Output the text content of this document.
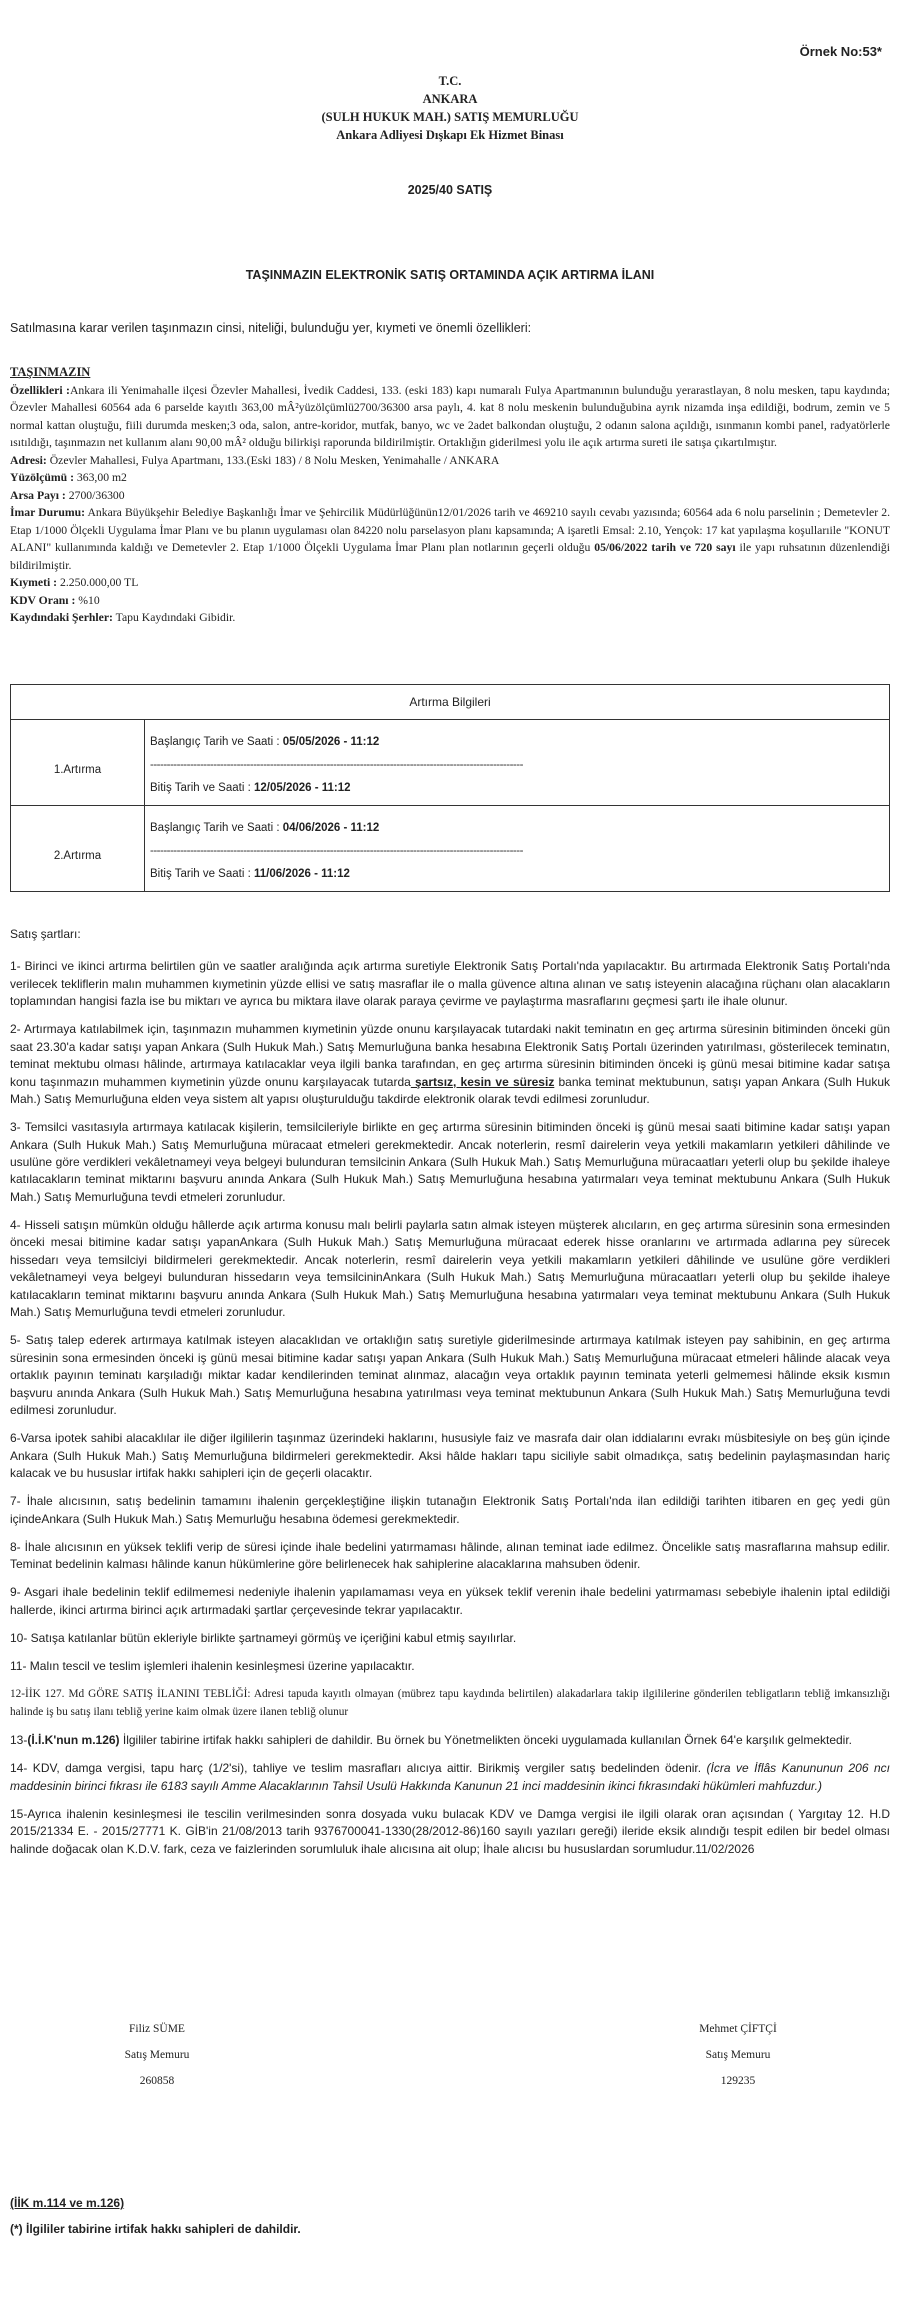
Örnek No:53*
T.C.
ANKARA
(SULH HUKUK MAH.) SATIŞ MEMURLUĞU
Ankara Adliyesi Dışkapı Ek Hizmet Binası
2025/40 SATIŞ
TAŞINMAZIN ELEKTRONİK SATIŞ ORTAMINDA AÇIK ARTIRMA İLANI
Satılmasına karar verilen taşınmazın cinsi, niteliği, bulunduğu yer, kıymeti ve önemli özellikleri:
TAŞINMAZIN
Özellikleri :Ankara ili Yenimahalle ilçesi Özevler Mahallesi, İvedik Caddesi, 133. (eski 183) kapı numaralı Fulya Apartmanının bulunduğu yerarastlayan, 8 nolu mesken, tapu kaydında; Özevler Mahallesi 60564 ada 6 parselde kayıtlı 363,00 mÂ²yüzölçümlü2700/36300 arsa paylı, 4. kat 8 nolu meskenin bulunduğubina ayrık nizamda inşa edildiği, bodrum, zemin ve 5 normal kattan oluştuğu, fiili durumda mesken;3 oda, salon, antre-koridor, mutfak, banyo, wc ve 2adet balkondan oluştuğu, 2 odanın salona açıldığı, ısınmanın kombi panel, radyatörlerle ısıtıldığı, taşınmazın net kullanım alanı 90,00 mÂ² olduğu bilirkişi raporunda bildirilmiştir. Ortaklığın giderilmesi yolu ile açık artırma sureti ile satışa çıkartılmıştır.
Adresi: Özevler Mahallesi, Fulya Apartmanı, 133.(Eski 183) / 8 Nolu Mesken, Yenimahalle / ANKARA
Yüzölçümü : 363,00 m2
Arsa Payı : 2700/36300
İmar Durumu: Ankara Büyükşehir Belediye Başkanlığı İmar ve Şehircilik Müdürlüğünün12/01/2026 tarih ve 469210 sayılı cevabı yazısında; 60564 ada 6 nolu parselinin ; Demetevler 2. Etap 1/1000 Ölçekli Uygulama İmar Planı ve bu planın uygulaması olan 84220 nolu parselasyon planı kapsamında; A işaretli Emsal: 2.10, Yençok: 17 kat yapılaşma koşullarıile "KONUT ALANI" kullanımında kaldığı ve Demetevler 2. Etap 1/1000 Ölçekli Uygulama İmar Planı plan notlarının geçerli olduğu 05/06/2022 tarih ve 720 sayı ile yapı ruhsatının düzenlendiği bildirilmiştir.
Kıymeti : 2.250.000,00 TL
KDV Oranı : %10
Kaydındaki Şerhler: Tapu Kaydındaki Gibidir.
Artırma Bilgileri	
1.Artırma	Başlangıç Tarih ve Saati : 05/05/2026 - 11:12
----------------------------------------------------------------------------------------------------------------
Bitiş Tarih ve Saati : 12/05/2026 - 11:12

2.Artırma	Başlangıç Tarih ve Saati : 04/06/2026 - 11:12
----------------------------------------------------------------------------------------------------------------
Bitiş Tarih ve Saati : 11/06/2026 - 11:12

Satış şartları:

1- Birinci ve ikinci artırma belirtilen gün ve saatler aralığında açık artırma suretiyle Elektronik Satış Portalı'nda yapılacaktır. Bu artırmada Elektronik Satış Portalı'nda verilecek tekliflerin malın muhammen kıymetinin yüzde ellisi ve satış masraflar ile o malla güvence altına alınan ve satış isteyenin alacağına rüçhanı olan alacakların toplamından hangisi fazla ise bu miktarı ve ayrıca bu miktara ilave olarak paraya çevirme ve paylaştırma masraflarını geçmesi şartı ile ihale olunur.

2- Artırmaya katılabilmek için, taşınmazın muhammen kıymetinin yüzde onunu karşılayacak tutardaki nakit teminatın en geç artırma süresinin bitiminden önceki gün saat 23.30'a kadar satışı yapan Ankara (Sulh Hukuk Mah.) Satış Memurluğuna banka hesabına Elektronik Satış Portalı üzerinden yatırılması, gösterilecek teminatın, teminat mektubu olması hâlinde, artırmaya katılacaklar veya ilgili banka tarafından, en geç artırma süresinin bitiminden önceki iş günü mesai bitimine kadar satışa konu taşınmazın muhammen kıymetinin yüzde onunu karşılayacak tutarda şartsız, kesin ve süresiz banka teminat mektubunun, satışı yapan Ankara (Sulh Hukuk Mah.) Satış Memurluğuna elden veya sistem alt yapısı oluşturulduğu takdirde elektronik olarak tevdi edilmesi zorunludur.

3- Temsilci vasıtasıyla artırmaya katılacak kişilerin, temsilcileriyle birlikte en geç artırma süresinin bitiminden önceki iş günü mesai saati bitimine kadar satışı yapan Ankara (Sulh Hukuk Mah.) Satış Memurluğuna müracaat etmeleri gerekmektedir. Ancak noterlerin, resmî dairelerin veya yetkili makamların yetkileri dâhilinde ve usulüne göre verdikleri vekâletnameyi veya belgeyi bulunduran temsilcinin Ankara (Sulh Hukuk Mah.) Satış Memurluğuna müracaatları yeterli olup bu şekilde ihaleye katılacakların teminat miktarını başvuru anında Ankara (Sulh Hukuk Mah.) Satış Memurluğuna hesabına yatırmaları veya teminat mektubunu Ankara (Sulh Hukuk Mah.) Satış Memurluğuna tevdi etmeleri zorunludur.

4- Hisseli satışın mümkün olduğu hâllerde açık artırma konusu malı belirli paylarla satın almak isteyen müşterek alıcıların, en geç artırma süresinin sona ermesinden önceki mesai bitimine kadar satışı yapanAnkara (Sulh Hukuk Mah.) Satış Memurluğuna müracaat ederek hisse oranlarını ve artırmada adlarına pey sürecek hissedarı veya temsilciyi bildirmeleri gerekmektedir. Ancak noterlerin, resmî dairelerin veya yetkili makamların yetkileri dâhilinde ve usulüne göre verdikleri vekâletnameyi veya belgeyi bulunduran hissedarın veya temsilcininAnkara (Sulh Hukuk Mah.) Satış Memurluğuna müracaatları yeterli olup bu şekilde ihaleye katılacakların teminat miktarını başvuru anında Ankara (Sulh Hukuk Mah.) Satış Memurluğuna hesabına yatırmaları veya teminat mektubunu Ankara (Sulh Hukuk Mah.) Satış Memurluğuna tevdi etmeleri zorunludur.

5- Satış talep ederek artırmaya katılmak isteyen alacaklıdan ve ortaklığın satış suretiyle giderilmesinde artırmaya katılmak isteyen pay sahibinin, en geç artırma süresinin sona ermesinden önceki iş günü mesai bitimine kadar satışı yapan Ankara (Sulh Hukuk Mah.) Satış Memurluğuna müracaat etmeleri hâlinde alacak veya ortaklık payının teminatı karşıladığı miktar kadar kendilerinden teminat alınmaz, alacağın veya ortaklık payının teminata yeterli gelmemesi hâlinde eksik kısmın başvuru anında Ankara (Sulh Hukuk Mah.) Satış Memurluğuna hesabına yatırılması veya teminat mektubunun Ankara (Sulh Hukuk Mah.) Satış Memurluğuna tevdi edilmesi zorunludur.

6-Varsa ipotek sahibi alacaklılar ile diğer ilgililerin taşınmaz üzerindeki haklarını, hususiyle faiz ve masrafa dair olan iddialarını evrakı müsbitesiyle on beş gün içinde Ankara (Sulh Hukuk Mah.) Satış Memurluğuna bildirmeleri gerekmektedir. Aksi hâlde hakları tapu siciliyle sabit olmadıkça, satış bedelinin paylaşmasından hariç kalacak ve bu hususlar irtifak hakkı sahipleri için de geçerli olacaktır.

7- İhale alıcısının, satış bedelinin tamamını ihalenin gerçekleştiğine ilişkin tutanağın Elektronik Satış Portalı'nda ilan edildiği tarihten itibaren en geç yedi gün içindeAnkara (Sulh Hukuk Mah.) Satış Memurluğu hesabına ödemesi gerekmektedir.

8- İhale alıcısının en yüksek teklifi verip de süresi içinde ihale bedelini yatırmaması hâlinde, alınan teminat iade edilmez. Öncelikle satış masraflarına mahsup edilir. Teminat bedelinin kalması hâlinde kanun hükümlerine göre belirlenecek hak sahiplerine alacaklarına mahsuben ödenir.

9- Asgari ihale bedelinin teklif edilmemesi nedeniyle ihalenin yapılamaması veya en yüksek teklif verenin ihale bedelini yatırmaması sebebiyle ihalenin iptal edildiği hallerde, ikinci artırma birinci açık artırmadaki şartlar çerçevesinde tekrar yapılacaktır.

10- Satışa katılanlar bütün ekleriyle birlikte şartnameyi görmüş ve içeriğini kabul etmiş sayılırlar.

11- Malın tescil ve teslim işlemleri ihalenin kesinleşmesi üzerine yapılacaktır.

12-İİK 127. Md GÖRE SATIŞ İLANINI TEBLİĞİ: Adresi tapuda kayıtlı olmayan (mübrez tapu kaydında belirtilen) alakadarlara takip ilgililerine gönderilen tebligatların tebliğ imkansızlığı halinde iş bu satış ilanı tebliğ yerine kaim olmak üzere ilanen tebliğ olunur

13-(İ.İ.K'nun m.126) İlgililer tabirine irtifak hakkı sahipleri de dahildir. Bu örnek bu Yönetmelikten önceki uygulamada kullanılan Örnek 64'e karşılık gelmektedir.

14- KDV, damga vergisi, tapu harç (1/2'si), tahliye ve teslim masrafları alıcıya aittir. Birikmiş vergiler satış bedelinden ödenir. (İcra ve İflâs Kanununun 206 ncı maddesinin birinci fıkrası ile 6183 sayılı Amme Alacaklarının Tahsil Usulü Hakkında Kanunun 21 inci maddesinin ikinci fıkrasındaki hükümleri mahfuzdur.)

15-Ayrıca ihalenin kesinleşmesi ile tescilin verilmesinden sonra dosyada vuku bulacak KDV ve Damga vergisi ile ilgili olarak oran açısından ( Yargıtay 12. H.D 2015/21334 E. - 2015/27771 K. GİB'in 21/08/2013 tarih 9376700041-1330(28/2012-86)160 sayılı yazıları gereği) ileride eksik alındığı tespit edilen bir bedel olması halinde doğacak olan K.D.V. fark, ceza ve faizlerinden sorumluluk ihale alıcısına ait olup; İhale alıcısı bu hususlardan sorumludur.11/02/2026

Filiz SÜME
Satış Memuru
260858
Mehmet ÇİFTÇİ
Satış Memuru
129235
(İİK m.114 ve m.126)
(*) İlgililer tabirine irtifak hakkı sahipleri de dahildir.
